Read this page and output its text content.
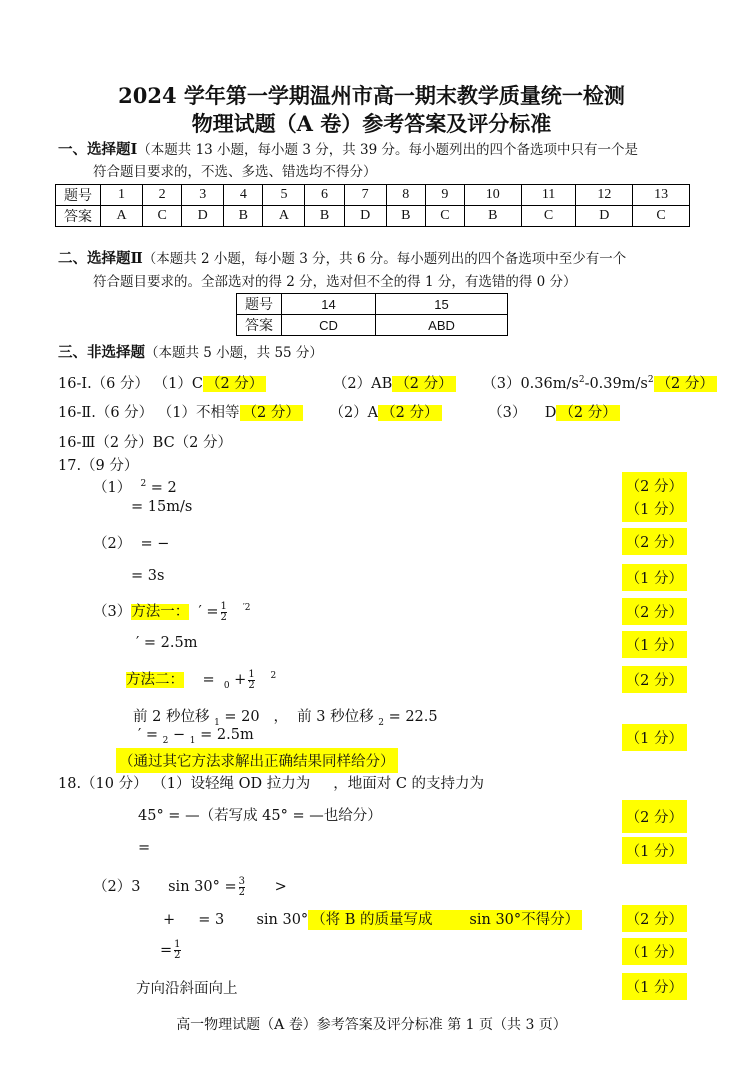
2024 学年第一学期温州市高一期末教学质量统一检测
物理试题（A 卷）参考答案及评分标准
一、选择题Ⅰ（本题共 13 小题，每小题 3 分，共 39 分。每小题列出的四个备选项中只有一个是
符合题目要求的，不选、多选、错选均不得分）
题号	1	2	3	4	5	6	7	8	9	10	11	12	13
答案	A	C	D	B	A	B	D	B	C	B	C	D	C
二、选择题Ⅱ（本题共 2 小题，每小题 3 分，共 6 分。每小题列出的四个备选项中至少有一个
符合题目要求的。全部选对的得 2 分，选对但不全的得 1 分，有选错的得 0 分）
题号	14	15
答案	CD	ABD
三、非选择题（本题共 5 小题，共 55 分）
16-Ⅰ.（6 分） （1）C （2 分）	（2）AB （2 分） $(3)0.36m/s^2-0.39m/s^2$ （2 分）
16-Ⅱ.（6 分） （1）不相等 （2 分） （2）A （2 分）	（3）    D （2 分）
16-Ⅲ（2 分）BC（2 分）
17.（9 分）
（1） $^2$ = 2	（2 分）
= 15m/s	（1 分）
（2） = −	（2 分）
= 3s	（1 分）
（3）方法一： ′ = $\frac{1}{2} ^{'2}$	（2 分）
′ = 2.5m	（1 分）
方法二： = $_0 + \frac{1}{2} ^2$	（2 分）
前 2 秒位移 $_1$ = 20   ，  前 3 秒位移 $_2$ = 22.5
′ = $_2$ − $_1$ = 2.5m	（1 分）
（通过其它方法求解出正确结果同样给分）
18.（10 分） （1）设轻绳 OD 拉力为     ，地面对 C 的支持力为
45° = —（若写成 45° = —也给分）	（2 分）
=	（1 分）
（2）3 $\sin 30^\circ = \frac{3}{2}$ >
+     = 3 sin 30° （将 B 的质量写成        sin 30°不得分）	（2 分）
= $\frac{1}{2}$	（1 分）
方向沿斜面向上	（1 分）
高一物理试题（A 卷）参考答案及评分标准 第 1 页（共 3 页）
